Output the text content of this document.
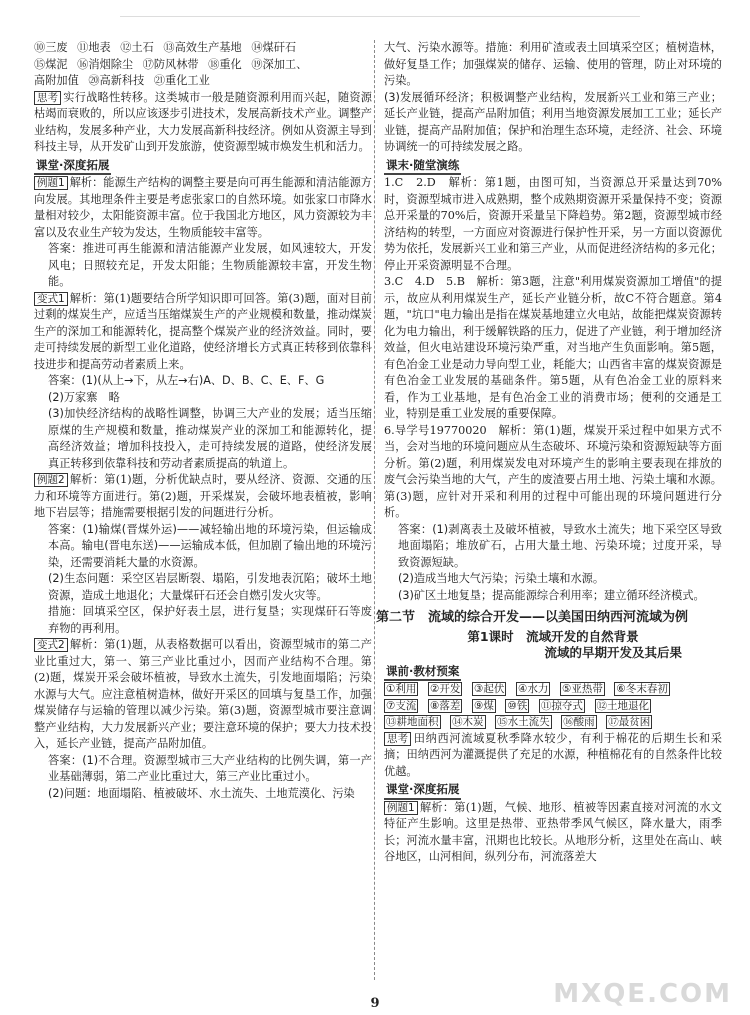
⑩三废 ⑪地表 ⑫土石 ⑬高效生产基地 ⑭煤矸石
⑮煤泥 ⑯消烟除尘 ⑰防风林带 ⑱重化 ⑲深加工、
高附加值 ⑳高新科技 ㉑重化工业

思考 实行战略性转移。这类城市一般是随资源利用而兴起，随资源枯竭而衰败的，所以应该逐步引进技术，发展高新技术产业。调整产业结构，发展多种产业，大力发展高新科技经济。例如从资源主导到科技主导，从开发矿山到开发旅游，使资源型城市焕发生机和活力。

课堂·深度拓展

例题1 解析：能源生产结构的调整主要是向可再生能源和清洁能源方向发展。其地理条件主要是考虑张家口的自然环境。如张家口市降水量相对较少，太阳能资源丰富。位于我国北方地区，风力资源较为丰富以及农业生产较为发达，生物质能较丰富等。

答案：推进可再生能源和清洁能源产业发展，如风速较大，开发风电；日照较充足，开发太阳能；生物质能源较丰富，开发生物能。

变式1 解析：第(1)题要结合所学知识即可回答。第(3)题，面对目前过剩的煤炭生产，应适当压缩煤炭生产的产业规模和数量，推动煤炭生产的深加工和能源转化，提高整个煤炭产业的经济效益。同时，要走可持续发展的新型工业化道路，使经济增长方式真正转移到依靠科技进步和提高劳动者素质上来。

答案：(1)(从上→下，从左→右)A、D、B、C、E、F、G

(2)万家寨　略

(3)加快经济结构的战略性调整，协调三大产业的发展；适当压缩原煤的生产规模和数量，推动煤炭产业的深加工和能源转化，提高经济效益；增加科技投入，走可持续发展的道路，使经济发展真正转移到依靠科技和劳动者素质提高的轨道上。

例题2 解析：第(1)题，分析优缺点时，要从经济、资源、交通的压力和环境等方面进行。第(2)题，开采煤炭，会破坏地表植被，影响地下岩层等；措施需要根据引发的问题进行分析。

答案：(1)输煤(晋煤外运)——减轻输出地的环境污染，但运输成本高。输电(晋电东送)——运输成本低，但加剧了输出地的环境污染，还需要消耗大量的水资源。

(2)生态问题：采空区岩层断裂、塌陷，引发地表沉陷；破坏土地资源，造成土地退化；大量煤矸石还会自燃引发火灾等。

措施：回填采空区，保护好表土层，进行复垦；实现煤矸石等废弃物的再利用。

变式2 解析：第(1)题，从表格数据可以看出，资源型城市的第二产业比重过大，第一、第三产业比重过小，因而产业结构不合理。第(2)题，煤炭开采会破坏植被，导致水土流失，引发地面塌陷；污染水源与大气。应注意植树造林，做好开采区的回填与复垦工作，加强煤炭储存与运输的管理以减少污染。第(3)题，资源型城市要注意调整产业结构，大力发展新兴产业；要注意环境的保护；要大力技术投入，延长产业链，提高产品附加值。

答案：(1)不合理。资源型城市三大产业结构的比例失调，第一产业基础薄弱，第二产业比重过大，第三产业比重过小。

(2)问题：地面塌陷、植被破坏、水土流失、土地荒漠化、污染

大气、污染水源等。措施：利用矿渣或表土回填采空区；植树造林，做好复垦工作；加强煤炭的储存、运输、使用的管理，防止对环境的污染。

(3)发展循环经济；积极调整产业结构，发展新兴工业和第三产业；延长产业链，提高产品附加值；利用当地资源发展加工工业；延长产业链，提高产品附加值；保护和治理生态环境，走经济、社会、环境协调统一的可持续发展之路。

课末·随堂演练

1.C　2.D　解析：第1题，由图可知，当资源总开采量达到70%时，资源型城市进入成熟期，整个成熟期资源开采量保持不变；资源总开采量的70%后，资源开采量呈下降趋势。第2题，资源型城市经济结构的转型，一方面应对资源进行保护性开采，另一方面以资源优势为依托，发展新兴工业和第三产业，从而促进经济结构的多元化；停止开采资源明显不合理。

3.C　4.D　5.B　解析：第3题，注意"利用煤炭资源加工增值"的提示，故应从利用煤炭生产，延长产业链分析，故C不符合题意。第4题，"坑口"电力输出是指在煤炭基地建立火电站，故能把煤炭资源转化为电力输出，利于缓解铁路的压力，促进了产业链，利于增加经济效益，但火电站建设环境污染严重，对当地产生负面影响。第5题，有色冶金工业是动力导向型工业，耗能大；山西省丰富的煤炭资源是有色冶金工业发展的基础条件。第5题，从有色冶金工业的原料来看，作为工业基地，是有色冶金工业的消费市场；便利的交通是工业，特别是重工业发展的重要保障。

6.导学号19770020　解析：第(1)题，煤炭开采过程中如果方式不当，会对当地的环境问题应从生态破坏、环境污染和资源短缺等方面分析。第(2)题，利用煤炭发电对环境产生的影响主要表现在排放的废气会污染当地的大气，产生的废渣要占用土地、污染土壤和水源。第(3)题，应针对开采和利用的过程中可能出现的环境问题进行分析。

答案：(1)剥离表土及破坏植被，导致水土流失；地下采空区导致地面塌陷；堆放矿石，占用大量土地、污染环境；过度开采，导致资源短缺。

(2)造成当地大气污染；污染土壤和水源。

(3)矿区土地复垦；提高能源综合利用率；建立循环经济模式。

第二节　流域的综合开发——以美国田纳西河流域为例
第1课时　流域开发的自然背景
流域的早期开发及其后果
课前·教材预案
①利用 ②开发 ③起伏 ④水力 ⑤亚热带 ⑥冬末春初
⑦支流 ⑧落差 ⑨煤 ⑩铁 ⑪掠夺式 ⑫土地退化
⑬耕地面积 ⑭木炭 ⑮水土流失 ⑯酸雨 ⑰最贫困

思考 田纳西河流域夏秋季降水较少，有利于棉花的后期生长和采摘；田纳西河为灌溉提供了充足的水源，种植棉花有的自然条件比较优越。

课堂·深度拓展

例题1 解析：第(1)题，气候、地形、植被等因素直接对河流的水文特征产生影响。这里是热带、亚热带季风气候区，降水量大，雨季长；河流水量丰富，汛期也比较长。从地形分析，这里处在高山、峡谷地区，山河相间，纵列分布，河流落差大

9	MXQE.COM
